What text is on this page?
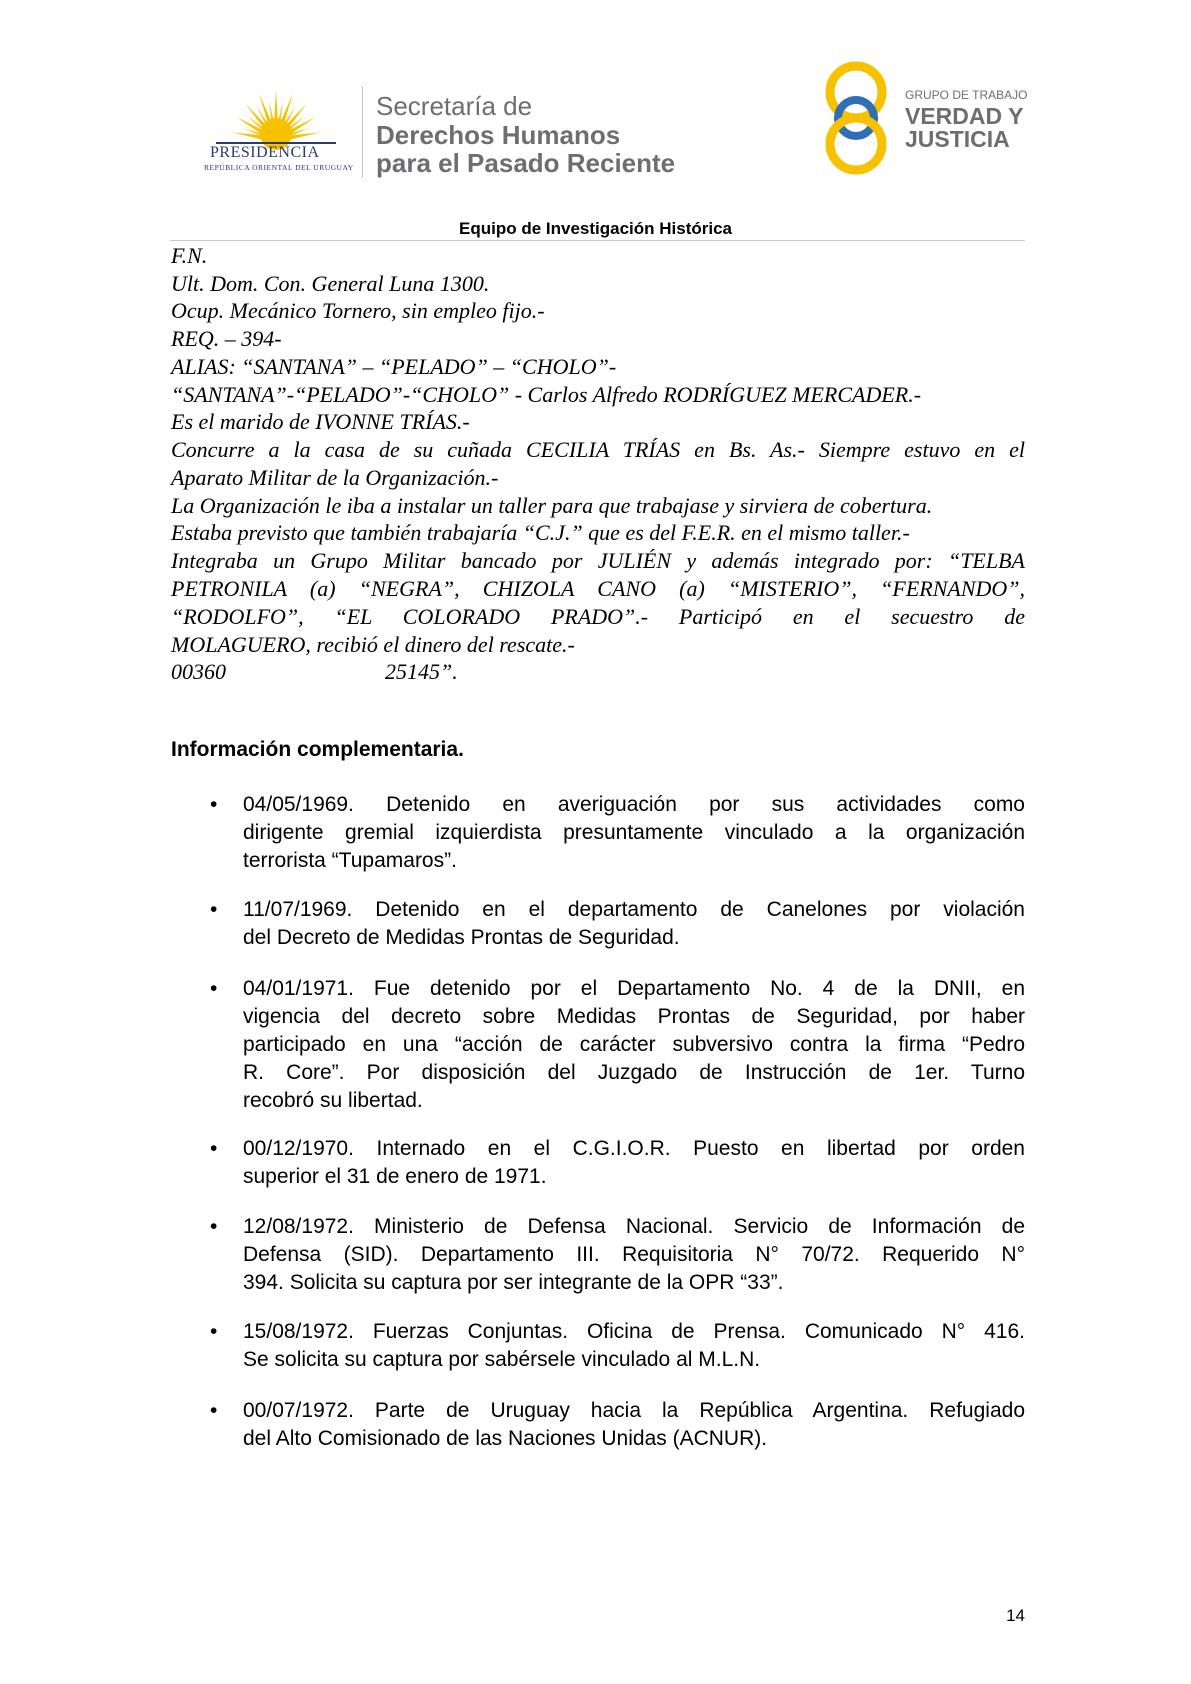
PRESIDENCIA
REPÚBLICA ORIENTAL DEL URUGUAY
Secretaría de
Derechos Humanos
para el Pasado Reciente
GRUPO DE TRABAJO
VERDAD Y
JUSTICIA
Equipo de Investigación Histórica
F.N.
Ult. Dom. Con. General Luna 1300.
Ocup. Mecánico Tornero, sin empleo fijo.-
REQ. – 394-
ALIAS: “SANTANA” – “PELADO” – “CHOLO”-
“SANTANA”-“PELADO”-“CHOLO” - Carlos Alfredo RODRÍGUEZ MERCADER.-
Es el marido de IVONNE TRÍAS.-
Concurre a la casa de su cuñada CECILIA TRÍAS en Bs. As.- Siempre estuvo en el
Aparato Militar de la Organización.-
La Organización le iba a instalar un taller para que trabajase y sirviera de cobertura.
Estaba previsto que también trabajaría “C.J.” que es del F.E.R. en el mismo taller.-
Integraba un Grupo Militar bancado por JULIÉN y además integrado por: “TELBA
PETRONILA (a) “NEGRA”, CHIZOLA CANO (a) “MISTERIO”, “FERNANDO”,
“RODOLFO”, “EL COLORADO PRADO”.- Participó en el secuestro de
MOLAGUERO, recibió el dinero del rescate.-
00360	25145”.
Información complementaria.
• 04/05/1969. Detenido en averiguación por sus actividades como
dirigente gremial izquierdista presuntamente vinculado a la organización
terrorista “Tupamaros”.
• 11/07/1969. Detenido en el departamento de Canelones por violación
del Decreto de Medidas Prontas de Seguridad.
• 04/01/1971. Fue detenido por el Departamento No. 4 de la DNII, en
vigencia del decreto sobre Medidas Prontas de Seguridad, por haber
participado en una “acción de carácter subversivo contra la firma “Pedro
R. Core”. Por disposición del Juzgado de Instrucción de 1er. Turno
recobró su libertad.
• 00/12/1970. Internado en el C.G.I.O.R. Puesto en libertad por orden
superior el 31 de enero de 1971.
• 12/08/1972. Ministerio de Defensa Nacional. Servicio de Información de
Defensa (SID). Departamento III. Requisitoria N° 70/72. Requerido N°
394. Solicita su captura por ser integrante de la OPR “33”.
• 15/08/1972. Fuerzas Conjuntas. Oficina de Prensa. Comunicado N° 416.
Se solicita su captura por sabérsele vinculado al M.L.N.
• 00/07/1972. Parte de Uruguay hacia la República Argentina. Refugiado
del Alto Comisionado de las Naciones Unidas (ACNUR).
14
